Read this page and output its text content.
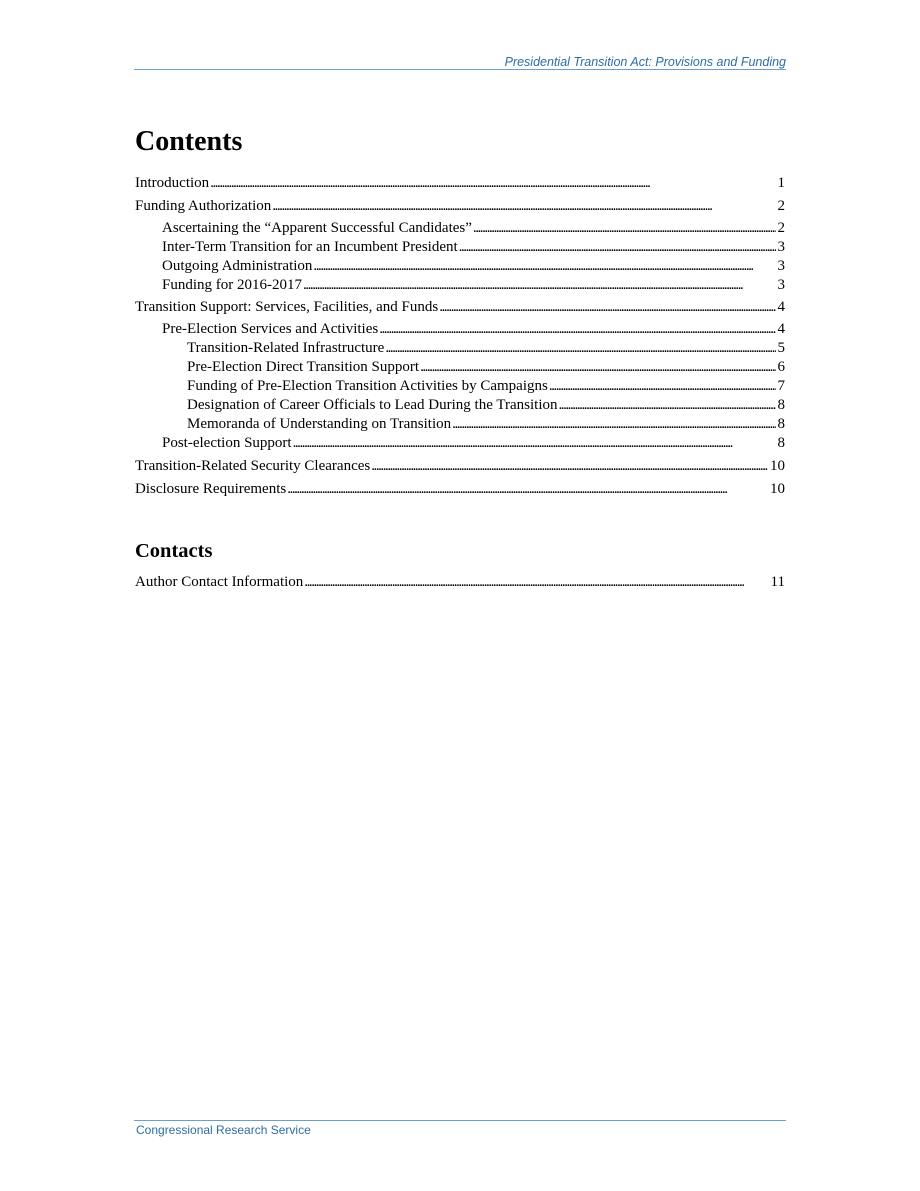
Presidential Transition Act: Provisions and Funding
Contents
Introduction . . .	1
Funding Authorization . . .	2
Ascertaining the “Apparent Successful Candidates” . . .	2
Inter-Term Transition for an Incumbent President . . .	3
Outgoing Administration . . .	3
Funding for 2016-2017 . . .	3
Transition Support: Services, Facilities, and Funds . . .	4
Pre-Election Services and Activities . . .	4
Transition-Related Infrastructure . . .	5
Pre-Election Direct Transition Support . . .	6
Funding of Pre-Election Transition Activities by Campaigns . . .	7
Designation of Career Officials to Lead During the Transition . . .	8
Memoranda of Understanding on Transition . . .	8
Post-election Support . . .	8
Transition-Related Security Clearances . . .	10
Disclosure Requirements . . .	10
Contacts
Author Contact Information . . .	11
Congressional Research Service
